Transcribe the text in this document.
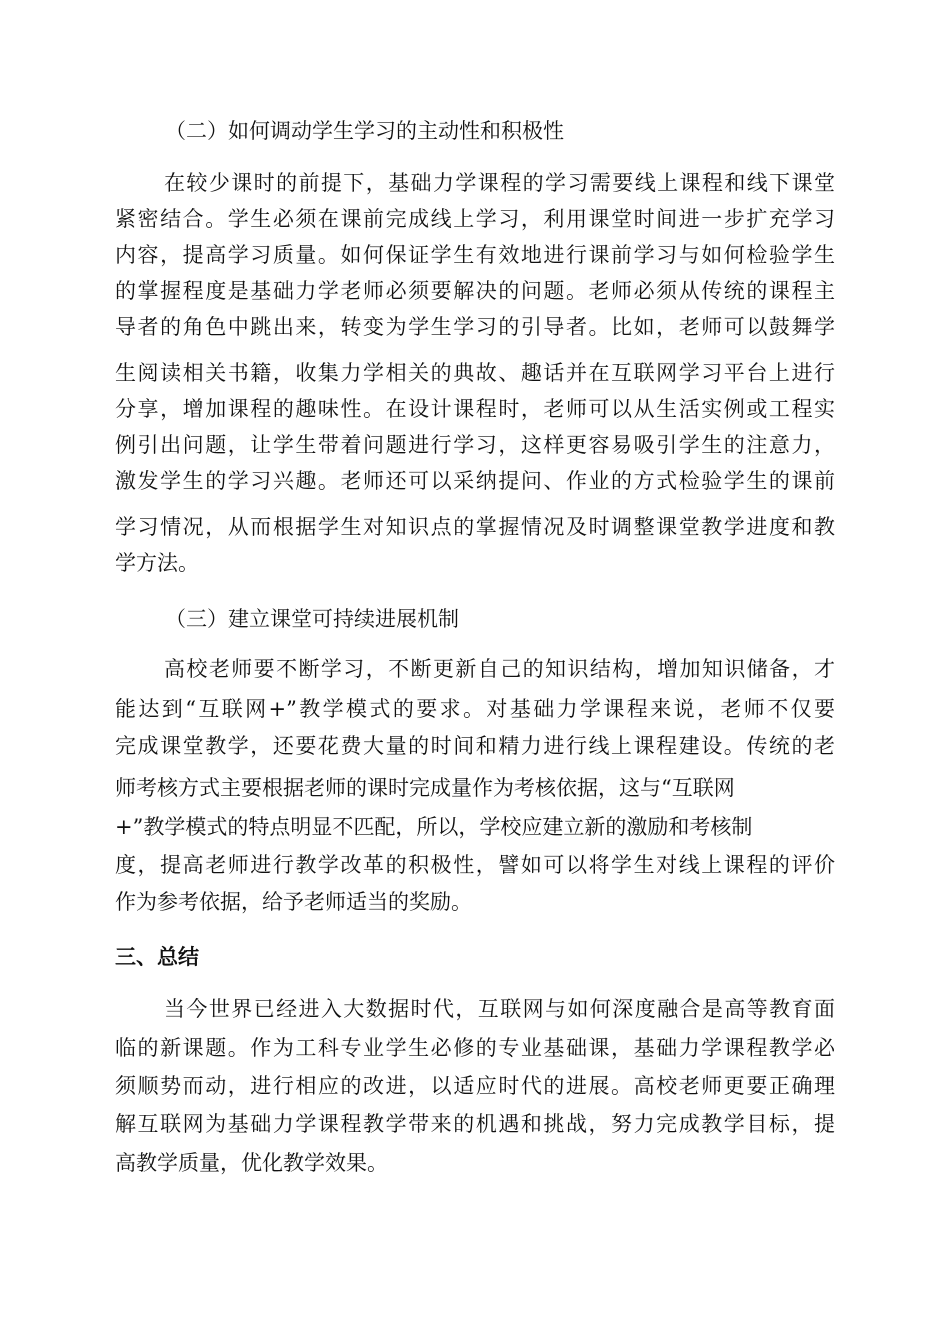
（二）如何调动学生学习的主动性和积极性
在较少课时的前提下，基础力学课程的学习需要线上课程和线下课堂
紧密结合。学生必须在课前完成线上学习，利用课堂时间进一步扩充学习
内容，提高学习质量。如何保证学生有效地进行课前学习与如何检验学生
的掌握程度是基础力学老师必须要解决的问题。老师必须从传统的课程主
导者的角色中跳出来，转变为学生学习的引导者。比如，老师可以鼓舞学
生阅读相关书籍，收集力学相关的典故、趣话并在互联网学习平台上进行
分享，增加课程的趣味性。在设计课程时，老师可以从生活实例或工程实
例引出问题，让学生带着问题进行学习，这样更容易吸引学生的注意力，
激发学生的学习兴趣。老师还可以采纳提问、作业的方式检验学生的课前
学习情况，从而根据学生对知识点的掌握情况及时调整课堂教学进度和教
学方法。
（三）建立课堂可持续进展机制
高校老师要不断学习，不断更新自己的知识结构，增加知识储备，才
能达到“互联网+”教学模式的要求。对基础力学课程来说，老师不仅要
完成课堂教学，还要花费大量的时间和精力进行线上课程建设。传统的老
师考核方式主要根据老师的课时完成量作为考核依据，这与“互联网
+”教学模式的特点明显不匹配，所以，学校应建立新的激励和考核制
度，提高老师进行教学改革的积极性，譬如可以将学生对线上课程的评价
作为参考依据，给予老师适当的奖励。
三、总结
当今世界已经进入大数据时代，互联网与如何深度融合是高等教育面
临的新课题。作为工科专业学生必修的专业基础课，基础力学课程教学必
须顺势而动，进行相应的改进，以适应时代的进展。高校老师更要正确理
解互联网为基础力学课程教学带来的机遇和挑战，努力完成教学目标，提
高教学质量，优化教学效果。
